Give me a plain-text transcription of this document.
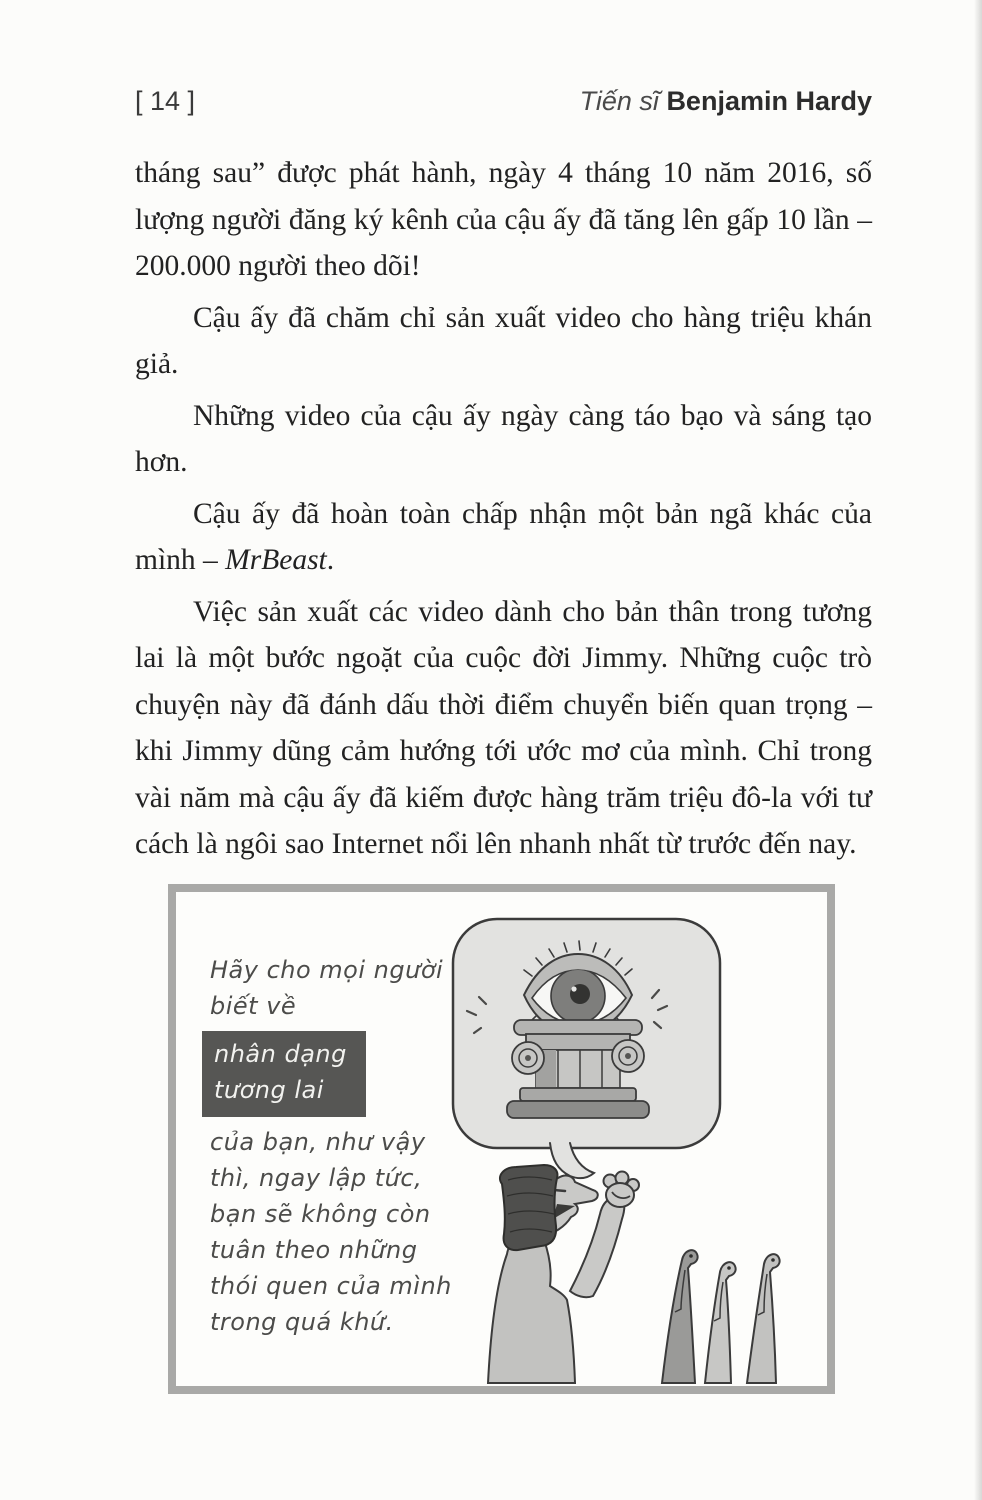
[ 14 ]	Tiến sĩ Benjamin Hardy

tháng sau” được phát hành, ngày 4 tháng 10 năm 2016, số lượng người đăng ký kênh của cậu ấy đã tăng lên gấp 10 lần – 200.000 người theo dõi!

Cậu ấy đã chăm chỉ sản xuất video cho hàng triệu khán giả.

Những video của cậu ấy ngày càng táo bạo và sáng tạo hơn.

Cậu ấy đã hoàn toàn chấp nhận một bản ngã khác của mình – MrBeast.

Việc sản xuất các video dành cho bản thân trong tương lai là một bước ngoặt của cuộc đời Jimmy. Những cuộc trò chuyện này đã đánh dấu thời điểm chuyển biến quan trọng – khi Jimmy dũng cảm hướng tới ước mơ của mình. Chỉ trong vài năm mà cậu ấy đã kiếm được hàng trăm triệu đô-la với tư cách là ngôi sao Internet nổi lên nhanh nhất từ trước đến nay.

Hãy cho mọi người biết về
nhân dạng tương lai
của bạn, như vậy thì, ngay lập tức, bạn sẽ không còn tuân theo những thói quen của mình trong quá khứ.
